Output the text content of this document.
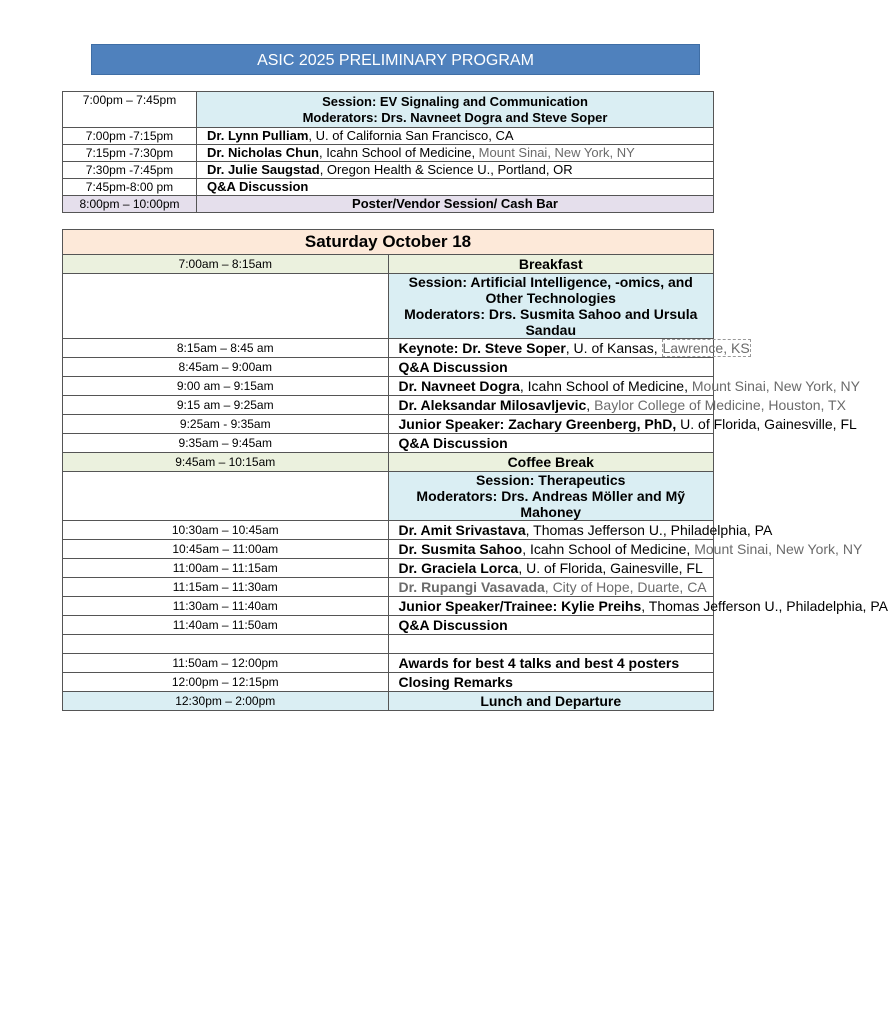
ASIC 2025 PRELIMINARY PROGRAM
7:00pm – 7:45pm	Session: EV Signaling and Communication
Moderators: Drs. Navneet Dogra and Steve Soper

7:00pm -7:15pm	Dr. Lynn Pulliam, U. of California San Francisco, CA
7:15pm -7:30pm	Dr. Nicholas Chun, Icahn School of Medicine, Mount Sinai, New York, NY
7:30pm -7:45pm	Dr. Julie Saugstad, Oregon Health & Science U., Portland, OR
7:45pm-8:00 pm	Q&A Discussion
8:00pm – 10:00pm	Poster/Vendor Session/ Cash Bar
Saturday October 18	
7:00am – 8:15am	Breakfast

	Session: Artificial Intelligence, -omics, and Other Technologies
Moderators: Drs. Susmita Sahoo and Ursula Sandau

8:15am – 8:45 am	Keynote: Dr. Steve Soper, U. of Kansas, Lawrence, KS
8:45am – 9:00am	Q&A Discussion
9:00 am – 9:15am	Dr. Navneet Dogra, Icahn School of Medicine, Mount Sinai, New York, NY
9:15 am – 9:25am	Dr. Aleksandar Milosavljevic, Baylor College of Medicine, Houston, TX
9:25am - 9:35am	Junior Speaker: Zachary Greenberg, PhD, U. of Florida, Gainesville, FL
9:35am – 9:45am	Q&A Discussion
9:45am – 10:15am	Coffee Break

	Session: Therapeutics
Moderators: Drs. Andreas Möller and Mỹ Mahoney

10:30am – 10:45am	Dr. Amit Srivastava, Thomas Jefferson U., Philadelphia, PA
10:45am – 11:00am	Dr. Susmita Sahoo, Icahn School of Medicine, Mount Sinai, New York, NY
11:00am – 11:15am	Dr. Graciela Lorca, U. of Florida, Gainesville, FL
11:15am – 11:30am	Dr. Rupangi Vasavada, City of Hope, Duarte, CA
11:30am – 11:40am	Junior Speaker/Trainee: Kylie Preihs, Thomas Jefferson U., Philadelphia, PA
11:40am – 11:50am	Q&A Discussion

11:50am – 12:00pm	Awards for best 4 talks and best 4 posters
12:00pm – 12:15pm	Closing Remarks
12:30pm – 2:00pm	Lunch and Departure
